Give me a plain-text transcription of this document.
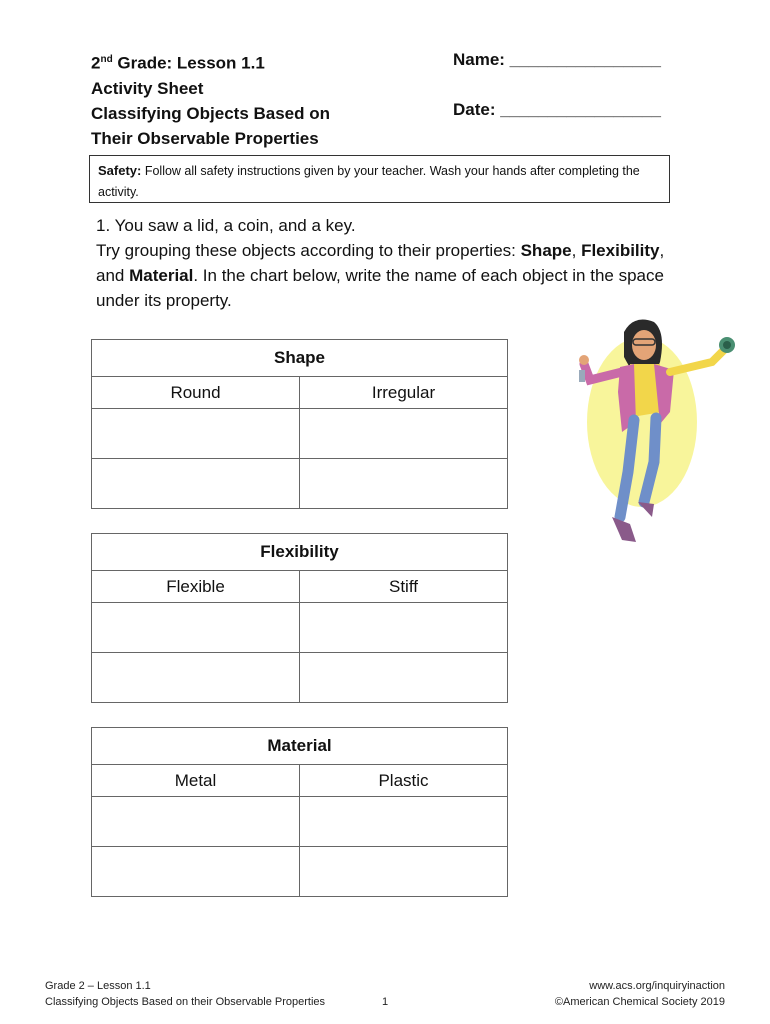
2nd Grade: Lesson 1.1
Activity Sheet
Classifying Objects Based on
Their Observable Properties
Name: ________________
Date: _________________
Safety: Follow all safety instructions given by your teacher. Wash your hands after completing the activity.
1. You saw a lid, a coin, and a key.
Try grouping these objects according to their properties: Shape, Flexibility, and Material. In the chart below, write the name of each object in the space under its property.
Shape	
Round	Irregular

Flexibility	
Flexible	Stiff

Material	
Metal	Plastic

Grade 2 – Lesson 1.1
Classifying Objects Based on their Observable Properties	1
www.acs.org/inquiryinaction
©American Chemical Society 2019
